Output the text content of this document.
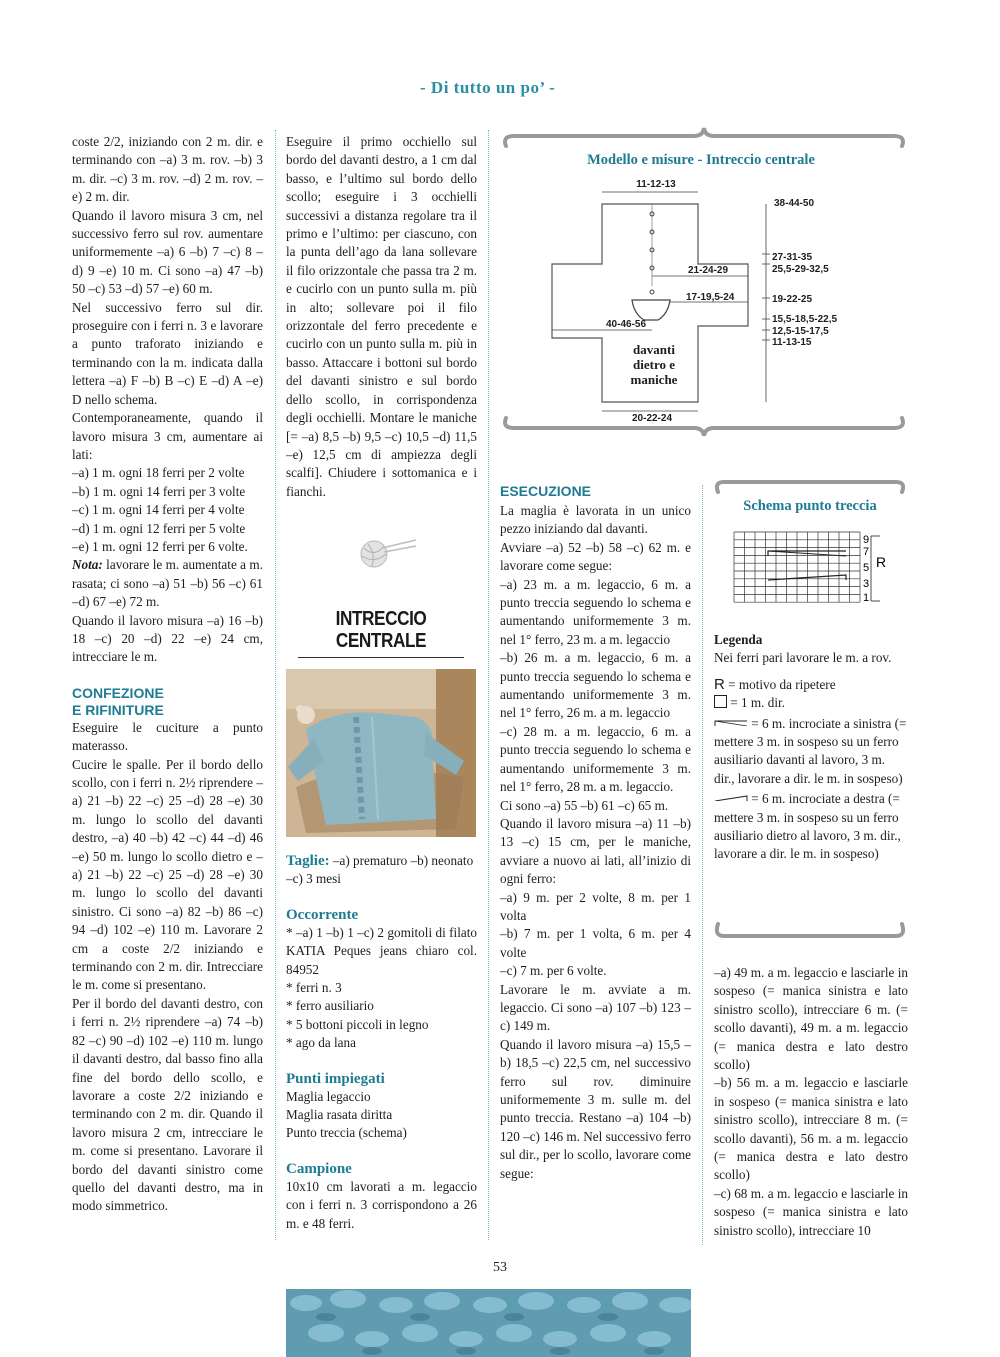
- Di tutto un po’ -

coste 2/2, iniziando con 2 m. dir. e terminando con –a) 3 m. rov. –b) 3 m. dir. –c) 3 m. rov. –d) 2 m. rov. –e) 2 m. dir.

Quando il lavoro misura 3 cm, nel successivo ferro sul rov. aumentare uniformemente –a) 6 –b) 7 –c) 8 –d) 9 –e) 10 m. Ci sono –a) 47 –b) 50 –c) 53 –d) 57 –e) 60 m.

Nel successivo ferro sul dir. proseguire con i ferri n. 3 e lavorare a punto traforato iniziando e terminando con la m. indicata dalla lettera –a) F –b) B –c) E –d) A –e) D nello schema.

Contemporaneamente, quando il lavoro misura 3 cm, aumentare ai lati:

–a) 1 m. ogni 18 ferri per 2 volte

–b) 1 m. ogni 14 ferri per 3 volte

–c) 1 m. ogni 14 ferri per 4 volte

–d) 1 m. ogni 12 ferri per 5 volte

–e) 1 m. ogni 12 ferri per 6 volte.

Nota: lavorare le m. aumentate a m. rasata; ci sono –a) 51 –b) 56 –c) 61 –d) 67 –e) 72 m.

Quando il lavoro misura –a) 16 –b) 18 –c) 20 –d) 22 –e) 24 cm, intrecciare le m.

CONFEZIONE

E RIFINITURE

Eseguire le cuciture a punto materasso.

Cucire le spalle. Per il bordo dello scollo, con i ferri n. 2½ riprendere –a) 21 –b) 22 –c) 25 –d) 28 –e) 30 m. lungo lo scollo del davanti destro, –a) 40 –b) 42 –c) 44 –d) 46 –e) 50 m. lungo lo scollo dietro e –a) 21 –b) 22 –c) 25 –d) 28 –e) 30 m. lungo lo scollo del davanti sinistro. Ci sono –a) 82 –b) 86 –c) 94 –d) 102 –e) 110 m. Lavorare 2 cm a coste 2/2 iniziando e terminando con 2 m. dir. Intrecciare le m. come si presentano.

Per il bordo del davanti destro, con i ferri n. 2½ riprendere –a) 74 –b) 82 –c) 90 –d) 102 –e) 110 m. lungo il davanti destro, dal basso fino alla fine del bordo dello scollo, e lavorare a coste 2/2 iniziando e terminando con 2 m. dir. Quando il lavoro misura 2 cm, intrecciare le m. come si presentano. Lavorare il bordo del davanti sinistro come quello del davanti destro, ma in modo simmetrico.

Eseguire il primo occhiello sul bordo del davanti destro, a 1 cm dal basso, e l’ultimo sul bordo dello scollo; eseguire i 3 occhielli successivi a distanza regolare tra il primo e l’ultimo: per ciascuno, con la punta dell’ago da lana sollevare il filo orizzontale che passa tra 2 m. e cucirlo con un punto sulla m. più in alto; sollevare poi il filo orizzontale del ferro precedente e cucirlo con un punto sulla m. più in basso. Attaccare i bottoni sul bordo del davanti sinistro e sul bordo dello scollo, in corrispondenza degli occhielli. Montare le maniche [= –a) 8,5 –b) 9,5 –c) 10,5 –d) 11,5 –e) 12,5 cm di ampiezza degli scalfi]. Chiudere i sottomanica e i fianchi.

INTRECCIO
CENTRALE

Taglie: –a) prematuro –b) neonato –c) 3 mesi

Occorrente

* –a) 1 –b) 1 –c) 2 gomitoli di filato KATIA Peques jeans chiaro col. 84952

* ferri n. 3

* ferro ausiliario

* 5 bottoni piccoli in legno

* ago da lana

Punti impiegati

Maglia legaccio

Maglia rasata diritta

Punto treccia (schema)

Campione

10x10 cm lavorati a m. legaccio con i ferri n. 3 corrispondono a 26 m. e 48 ferri.

Modello e misure - Intreccio centrale
11-12-13
38-44-50
27-31-35
25,5-29-32,5
21-24-29
19-22-25
17-19,5-24
15,5-18,5-22,5
12,5-15-17,5
11-13-15
40-46-56
20-22-24
davanti
dietro e
maniche

ESECUZIONE

La maglia è lavorata in un unico pezzo iniziando dal davanti.

Avviare –a) 52 –b) 58 –c) 62 m. e lavorare come segue:

–a) 23 m. a m. legaccio, 6 m. a punto treccia seguendo lo schema e aumentando uniformemente 3 m. nel 1° ferro, 23 m. a m. legaccio

–b) 26 m. a m. legaccio, 6 m. a punto treccia seguendo lo schema e aumentando uniformemente 3 m. nel 1° ferro, 26 m. a m. legaccio

–c) 28 m. a m. legaccio, 6 m. a punto treccia seguendo lo schema e aumentando uniformemente 3 m. nel 1° ferro, 28 m. a m. legaccio.

Ci sono –a) 55 –b) 61 –c) 65 m.

Quando il lavoro misura –a) 11 –b) 13 –c) 15 cm, per le maniche, avviare a nuovo ai lati, all’inizio di ogni ferro:

–a) 9 m. per 2 volte, 8 m. per 1 volta

–b) 7 m. per 1 volta, 6 m. per 4 volte

–c) 7 m. per 6 volte.

Lavorare le m. avviate a m. legaccio. Ci sono –a) 107 –b) 123 –c) 149 m.

Quando il lavoro misura –a) 15,5 –b) 18,5 –c) 22,5 cm, nel successivo ferro sul rov. diminuire uniformemente 3 m. sulle m. del punto treccia. Restano –a) 104 –b) 120 –c) 146 m. Nel successivo ferro sul dir., per lo scollo, lavorare come segue:

Schema punto treccia
9
7
5
3
1
R

Legenda

Nei ferri pari lavorare le m. a rov.

R = motivo da ripetere

= 1 m. dir.

= 6 m. incrociate a sinistra (= mettere 3 m. in sospeso su un ferro ausiliario davanti al lavoro, 3 m. dir., lavorare a dir. le m. in sospeso)

= 6 m. incrociate a destra (= mettere 3 m. in sospeso su un ferro ausiliario dietro al lavoro, 3 m. dir., lavorare a dir. le m. in sospeso)

–a) 49 m. a m. legaccio e lasciarle in sospeso (= manica sinistra e lato sinistro scollo), intrecciare 6 m. (= scollo davanti), 49 m. a m. legaccio (= manica destra e lato destro scollo)

–b) 56 m. a m. legaccio e lasciarle in sospeso (= manica sinistra e lato sinistro scollo), intrecciare 8 m. (= scollo davanti), 56 m. a m. legaccio (= manica destra e lato destro scollo)

–c) 68 m. a m. legaccio e lasciarle in sospeso (= manica sinistra e lato sinistro scollo), intrecciare 10

53
